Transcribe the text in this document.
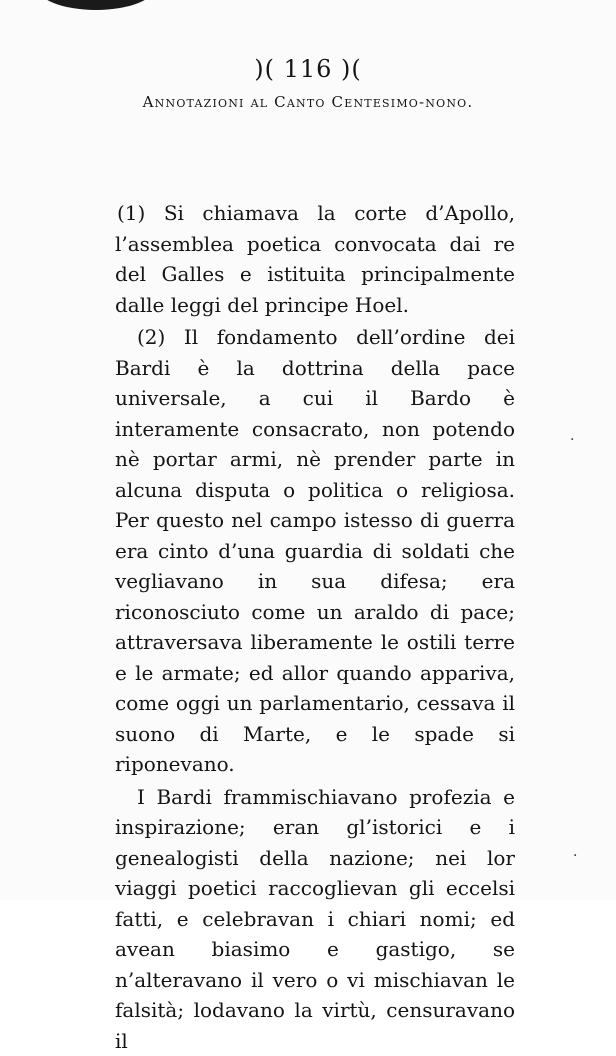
)( 116 )(
Annotazioni al Canto Centesimo-nono.

(1) Si chiamava la corte d’Apollo, l’assemblea poetica convocata dai re del Galles e istituita principalmente dalle leggi del principe Hoel.

(2) Il fondamento dell’ordine dei Bardi è la dottrina della pace universale, a cui il Bardo è interamente consacrato, non potendo nè portar armi, nè prender parte in alcuna disputa o politica o religiosa. Per questo nel campo istesso di guerra era cinto d’una guardia di soldati che vegliavano in sua difesa; era riconosciuto come un araldo di pace; attraversava liberamente le ostili terre e le armate; ed allor quando appariva, come oggi un parlamentario, cessava il suono di Marte, e le spade si riponevano.

I Bardi frammischiavano profezia e inspirazione; eran gl’istorici e i genealogisti della nazione; nei lor viaggi poetici raccoglievan gli eccelsi fatti, e celebravan i chiari nomi; ed avean biasimo e gastigo, se n’alteravano il vero o vi mischiavan le falsità; lodavano la virtù, censuravano il

·
·
